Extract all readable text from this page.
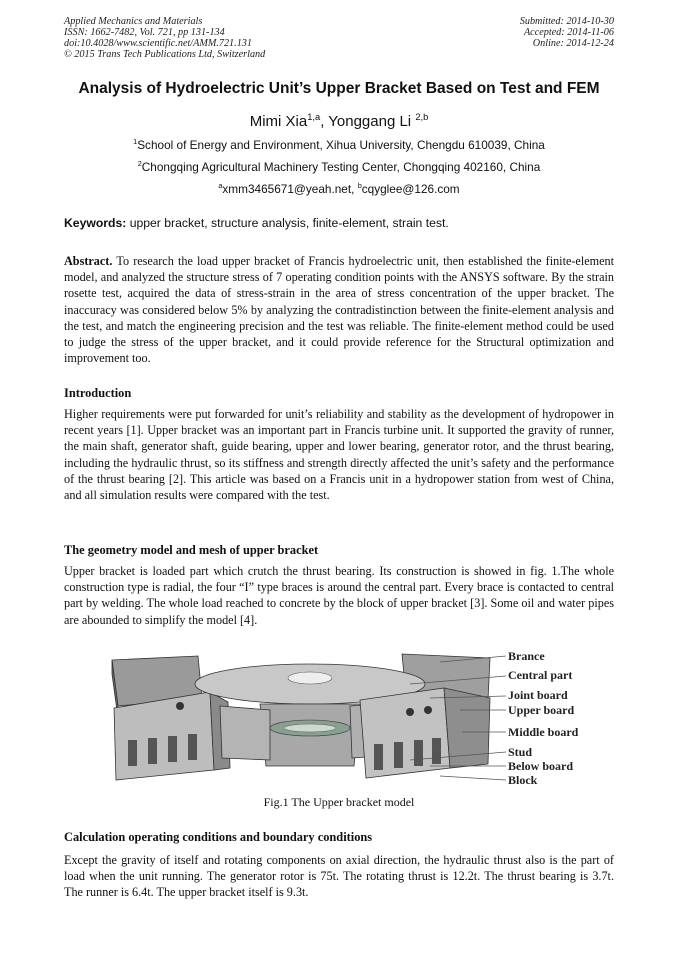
Applied Mechanics and Materials
ISSN: 1662-7482, Vol. 721, pp 131-134
doi:10.4028/www.scientific.net/AMM.721.131
© 2015 Trans Tech Publications Ltd, Switzerland
Submitted: 2014-10-30
Accepted: 2014-11-06
Online: 2014-12-24
Analysis of Hydroelectric Unit’s Upper Bracket Based on Test and FEM
Mimi Xia$^{1,a}$, Yonggang Li $^{2,b}$
$^1$School of Energy and Environment, Xihua University, Chengdu 610039, China
$^2$Chongqing Agricultural Machinery Testing Center, Chongqing 402160, China
$^a$xmm3465671@yeah.net, $^b$cqyglee@126.com
Keywords: upper bracket, structure analysis, finite-element, strain test.

Abstract. To research the load upper bracket of Francis hydroelectric unit, then established the finite-element model, and analyzed the structure stress of 7 operating condition points with the ANSYS software. By the strain rosette test, acquired the data of stress-strain in the area of stress concentration of the upper bracket. The inaccuracy was considered below 5% by analyzing the contradistinction between the finite-element analysis and the test, and match the engineering precision and the test was reliable. The finite-element method could be used to judge the stress of the upper bracket, and it could provide reference for the Structural optimization and improvement too.

Introduction

Higher requirements were put forwarded for unit’s reliability and stability as the development of hydropower in recent years [1]. Upper bracket was an important part in Francis turbine unit. It supported the gravity of runner, the main shaft, generator shaft, guide bearing, upper and lower bearing, generator rotor, and the thrust bearing, including the hydraulic thrust, so its stiffness and strength directly affected the unit’s safety and the performance of the thrust bearing [2]. This article was based on a Francis unit in a hydropower station from west of China, and all simulation results were compared with the test.

The geometry model and mesh of upper bracket

Upper bracket is loaded part which crutch the thrust bearing. Its construction is showed in fig. 1.The whole construction type is radial, the four “I” type braces is around the central part. Every brace is contacted to central part by welding. The whole load reached to concrete by the block of upper bracket [3]. Some oil and water pipes are abounded to simplify the model [4].

Brance
Central part
Joint board
Upper board
Middle board
Stud
Below board
Block
Fig.1 The Upper bracket model
Calculation operating conditions and boundary conditions

Except the gravity of itself and rotating components on axial direction, the hydraulic thrust also is the part of load when the unit running. The generator rotor is 75t. The rotating thrust is 12.2t. The thrust bearing is 3.7t. The runner is 6.4t. The upper bracket itself is 9.3t.
